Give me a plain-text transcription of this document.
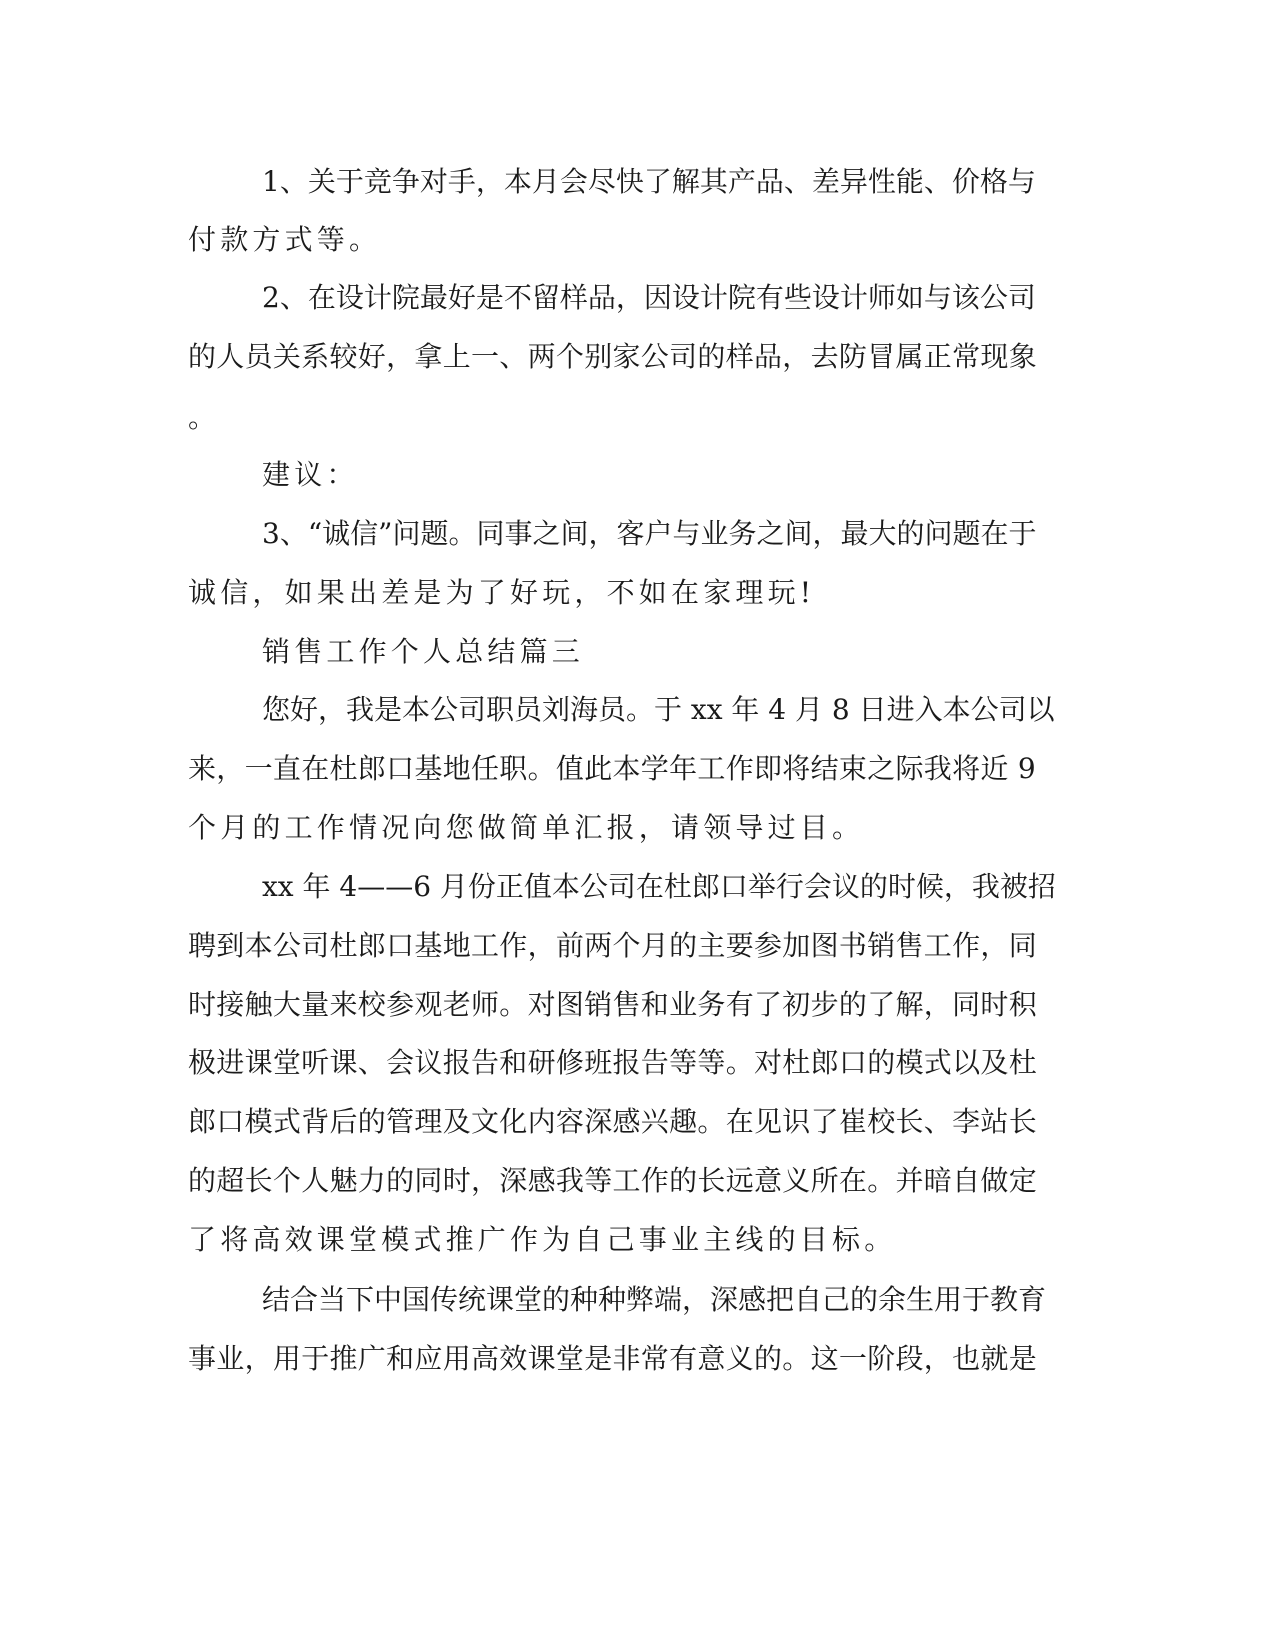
1、关于竞争对手，本月会尽快了解其产品、差异性能、价格与
付款方式等。
2、在设计院最好是不留样品，因设计院有些设计师如与该公司
的人员关系较好，拿上一、两个别家公司的样品，去防冒属正常现象
。
建议：
3、“诚信”问题。同事之间，客户与业务之间，最大的问题在于
诚信，如果出差是为了好玩，不如在家理玩!
销售工作个人总结篇三
您好，我是本公司职员刘海员。于 xx 年 4 月 8 日进入本公司以
来，一直在杜郎口基地任职。值此本学年工作即将结束之际我将近 9
个月的工作情况向您做简单汇报，请领导过目。
xx 年 4——6 月份正值本公司在杜郎口举行会议的时候，我被招
聘到本公司杜郎口基地工作，前两个月的主要参加图书销售工作，同
时接触大量来校参观老师。对图销售和业务有了初步的了解，同时积
极进课堂听课、会议报告和研修班报告等等。对杜郎口的模式以及杜
郎口模式背后的管理及文化内容深感兴趣。在见识了崔校长、李站长
的超长个人魅力的同时，深感我等工作的长远意义所在。并暗自做定
了将高效课堂模式推广作为自己事业主线的目标。
结合当下中国传统课堂的种种弊端，深感把自己的余生用于教育
事业，用于推广和应用高效课堂是非常有意义的。这一阶段，也就是
